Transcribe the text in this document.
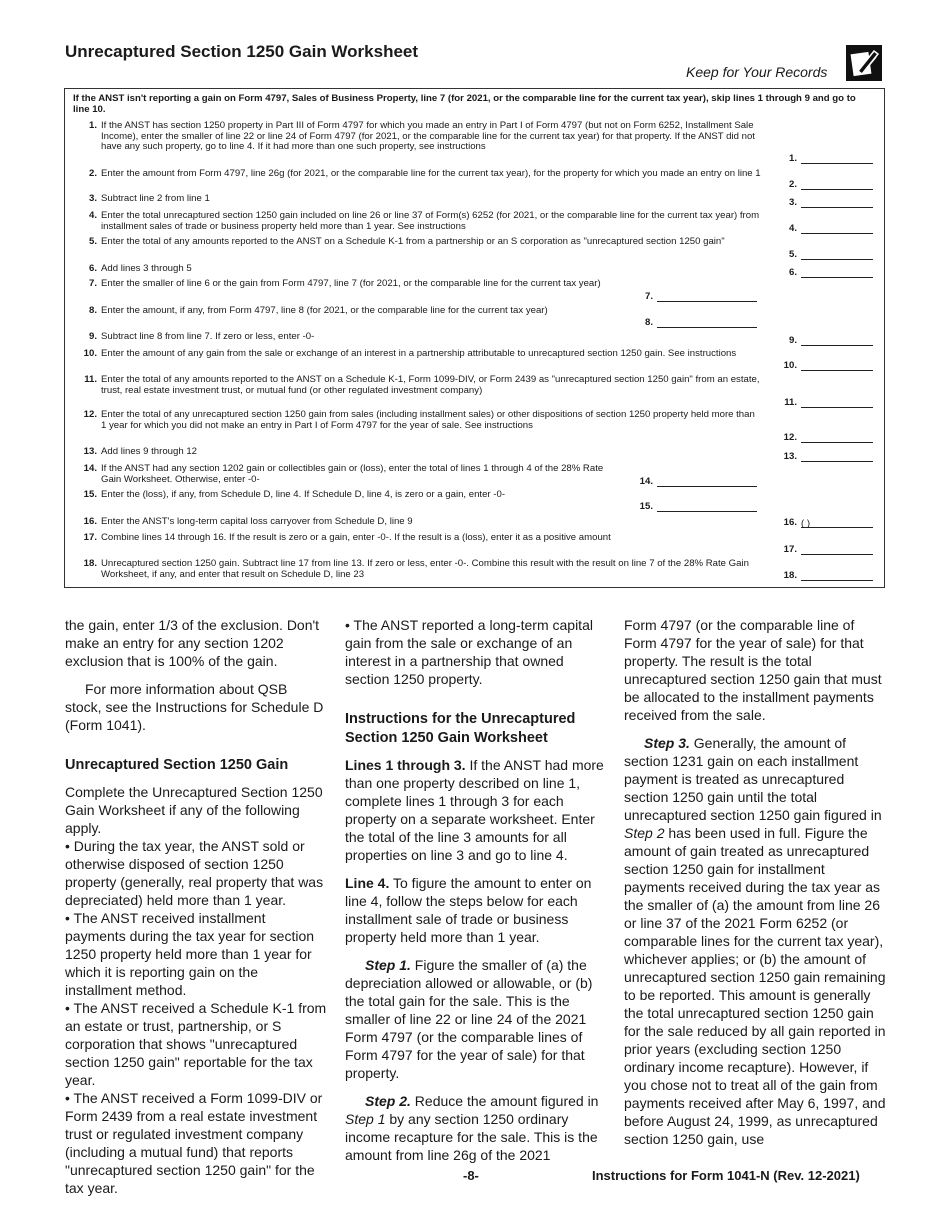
Unrecaptured Section 1250 Gain Worksheet
Keep for Your Records
If the ANST isn't reporting a gain on Form 4797, Sales of Business Property, line 7 (for 2021, or the comparable line for the current tax year), skip lines 1 through 9 and go to line 10.
1. If the ANST has section 1250 property in Part III of Form 4797 for which you made an entry in Part I of Form 4797 (but not on Form 6252, Installment Sale Income), enter the smaller of line 22 or line 24 of Form 4797 (for 2021, or the comparable line for the current tax year) for that property. If the ANST did not have any such property, go to line 4. If it had more than one such property, see instructions
1.
2. Enter the amount from Form 4797, line 26g (for 2021, or the comparable line for the current tax year), for the property for which you made an entry on line 1
2.
3. Subtract line 2 from line 1	3.
4. Enter the total unrecaptured section 1250 gain included on line 26 or line 37 of Form(s) 6252 (for 2021, or the comparable line for the current tax year) from installment sales of trade or business property held more than 1 year. See instructions	4.
5. Enter the total of any amounts reported to the ANST on a Schedule K-1 from a partnership or an S corporation as "unrecaptured section 1250 gain"
5.
6. Add lines 3 through 5	6.
7. Enter the smaller of line 6 or the gain from Form 4797, line 7 (for 2021, or the comparable line for the current tax year)
7.
8. Enter the amount, if any, from Form 4797, line 8 (for 2021, or the comparable line for the current tax year)
8.
9. Subtract line 8 from line 7. If zero or less, enter -0-	9.
10. Enter the amount of any gain from the sale or exchange of an interest in a partnership attributable to unrecaptured section 1250 gain. See instructions
10.
11. Enter the total of any amounts reported to the ANST on a Schedule K-1, Form 1099-DIV, or Form 2439 as "unrecaptured section 1250 gain" from an estate, trust, real estate investment trust, or mutual fund (or other regulated investment company)
11.
12. Enter the total of any unrecaptured section 1250 gain from sales (including installment sales) or other dispositions of section 1250 property held more than 1 year for which you did not make an entry in Part I of Form 4797 for the year of sale. See instructions
12.
13. Add lines 9 through 12	13.
14. If the ANST had any section 1202 gain or collectibles gain or (loss), enter the total of lines 1 through 4 of the 28% Rate Gain Worksheet. Otherwise, enter -0-	14.
15. Enter the (loss), if any, from Schedule D, line 4. If Schedule D, line 4, is zero or a gain, enter -0-
15.
16. Enter the ANST's long-term capital loss carryover from Schedule D, line 9	16. ( )
17. Combine lines 14 through 16. If the result is zero or a gain, enter -0-. If the result is a (loss), enter it as a positive amount
17.
18. Unrecaptured section 1250 gain. Subtract line 17 from line 13. If zero or less, enter -0-. Combine this result with the result on line 7 of the 28% Rate Gain Worksheet, if any, and enter that result on Schedule D, line 23	18.

the gain, enter 1/3 of the exclusion. Don't make an entry for any section 1202 exclusion that is 100% of the gain.

For more information about QSB stock, see the Instructions for Schedule D (Form 1041).

Unrecaptured Section 1250 Gain

Complete the Unrecaptured Section 1250 Gain Worksheet if any of the following apply.

• During the tax year, the ANST sold or otherwise disposed of section 1250 property (generally, real property that was depreciated) held more than 1 year.

• The ANST received installment payments during the tax year for section 1250 property held more than 1 year for which it is reporting gain on the installment method.

• The ANST received a Schedule K-1 from an estate or trust, partnership, or S corporation that shows "unrecaptured section 1250 gain" reportable for the tax year.

• The ANST received a Form 1099-DIV or Form 2439 from a real estate investment trust or regulated investment company (including a mutual fund) that reports "unrecaptured section 1250 gain" for the tax year.

• The ANST reported a long-term capital gain from the sale or exchange of an interest in a partnership that owned section 1250 property.

Instructions for the Unrecaptured Section 1250 Gain Worksheet

Lines 1 through 3. If the ANST had more than one property described on line 1, complete lines 1 through 3 for each property on a separate worksheet. Enter the total of the line 3 amounts for all properties on line 3 and go to line 4.

Line 4. To figure the amount to enter on line 4, follow the steps below for each installment sale of trade or business property held more than 1 year.

Step 1. Figure the smaller of (a) the depreciation allowed or allowable, or (b) the total gain for the sale. This is the smaller of line 22 or line 24 of the 2021 Form 4797 (or the comparable lines of Form 4797 for the year of sale) for that property.

Step 2. Reduce the amount figured in Step 1 by any section 1250 ordinary income recapture for the sale. This is the amount from line 26g of the 2021

Form 4797 (or the comparable line of Form 4797 for the year of sale) for that property. The result is the total unrecaptured section 1250 gain that must be allocated to the installment payments received from the sale.

Step 3. Generally, the amount of section 1231 gain on each installment payment is treated as unrecaptured section 1250 gain until the total unrecaptured section 1250 gain figured in Step 2 has been used in full. Figure the amount of gain treated as unrecaptured section 1250 gain for installment payments received during the tax year as the smaller of (a) the amount from line 26 or line 37 of the 2021 Form 6252 (or comparable lines for the current tax year), whichever applies; or (b) the amount of unrecaptured section 1250 gain remaining to be reported. This amount is generally the total unrecaptured section 1250 gain for the sale reduced by all gain reported in prior years (excluding section 1250 ordinary income recapture). However, if you chose not to treat all of the gain from payments received after May 6, 1997, and before August 24, 1999, as unrecaptured section 1250 gain, use

-8-	Instructions for Form 1041-N (Rev. 12-2021)
